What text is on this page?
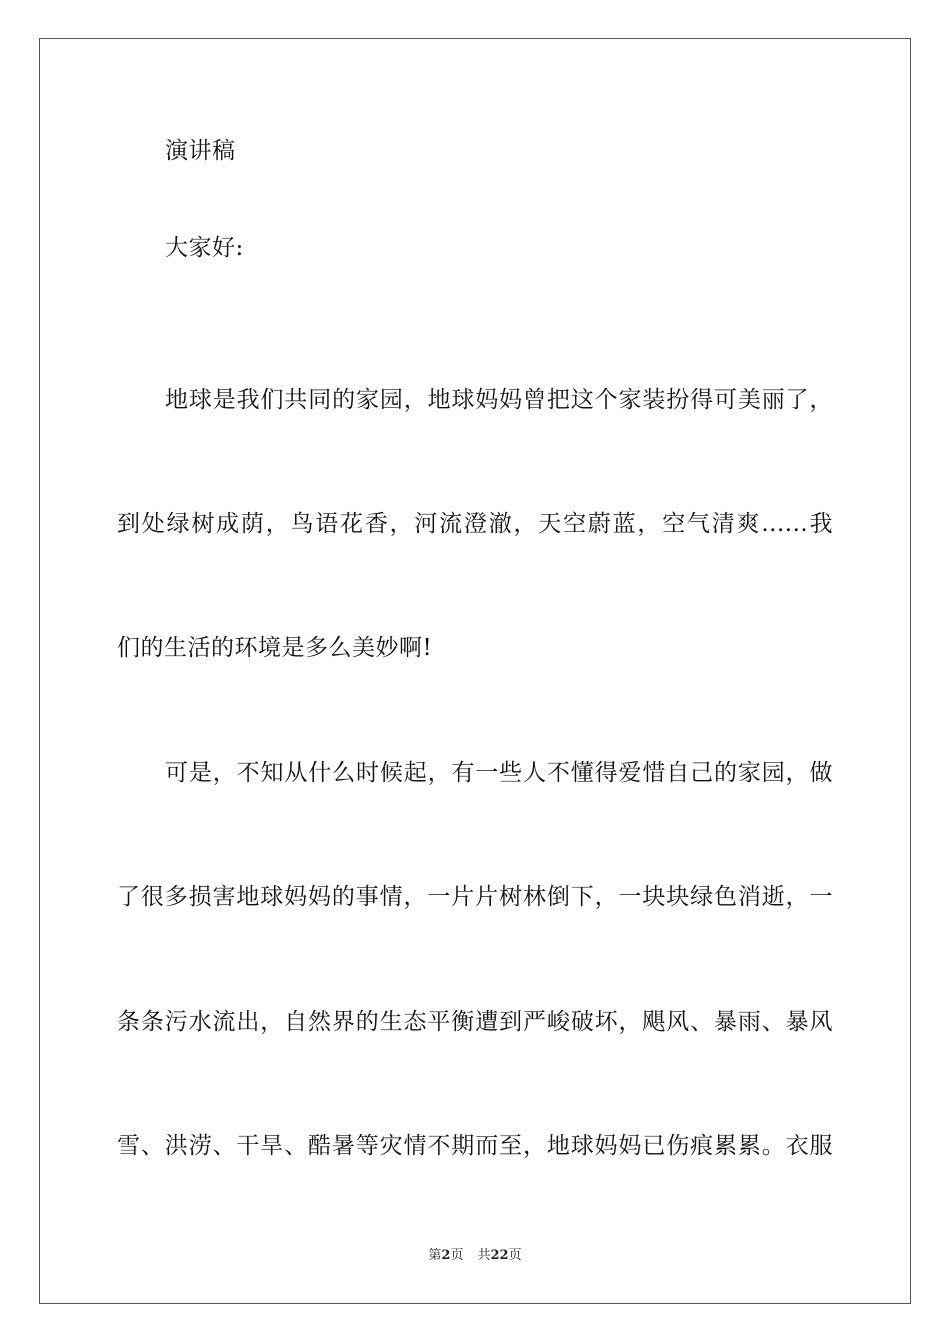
演讲稿
大家好:
地球是我们共同的家园，地球妈妈曾把这个家装扮得可美丽了，
到处绿树成荫，鸟语花香，河流澄澈，天空蔚蓝，空气清爽......我
们的生活的环境是多么美妙啊!
可是，不知从什么时候起，有一些人不懂得爱惜自己的家园，做
了很多损害地球妈妈的事情，一片片树林倒下，一块块绿色消逝，一
条条污水流出，自然界的生态平衡遭到严峻破坏，飓风、暴雨、暴风
雪、洪涝、干旱、酷暑等灾情不期而至，地球妈妈已伤痕累累。衣服
第2页 共22页
